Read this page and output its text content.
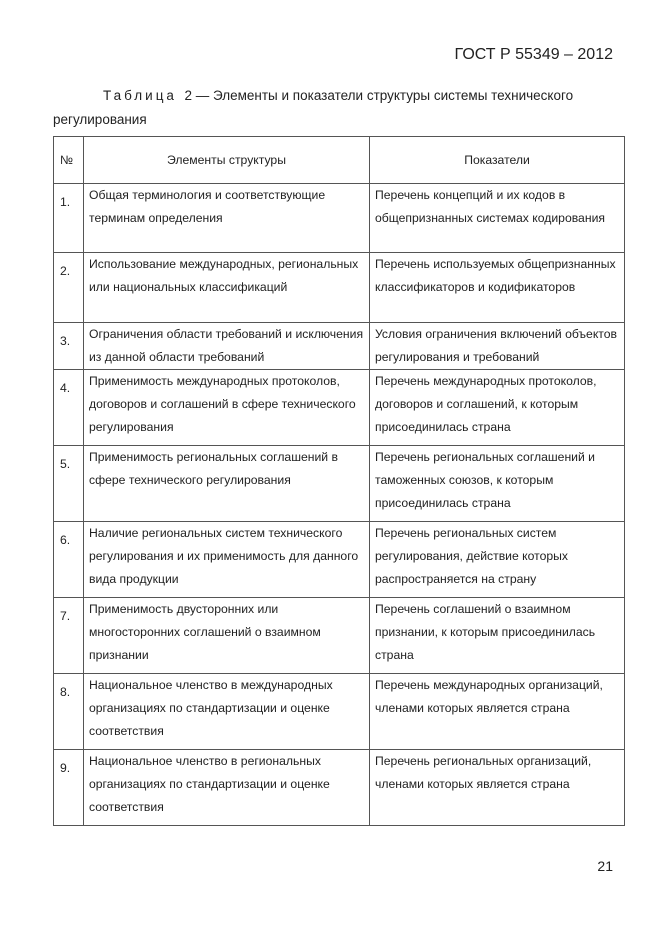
ГОСТ Р 55349 – 2012
Таблица 2 — Элементы и показатели структуры системы технического
регулирования
№	Элементы структуры	Показатели
1.	Общая терминология и соответствующие терминам определения	Перечень концепций и их кодов в общепризнанных системах кодирования
2.	Использование международных, региональных или национальных классификаций	Перечень используемых общепризнанных классификаторов и кодификаторов
3.	Ограничения области требований и исключения из данной области требований	Условия ограничения включений объектов регулирования и требований
4.	Применимость международных протоколов, договоров и соглашений в сфере технического регулирования	Перечень международных протоколов, договоров и соглашений, к которым присоединилась страна
5.	Применимость региональных соглашений в сфере технического регулирования	Перечень региональных соглашений и таможенных союзов, к которым присоединилась страна
6.	Наличие региональных систем технического регулирования и их применимость для данного вида продукции	Перечень региональных систем регулирования, действие которых распространяется на страну
7.	Применимость двусторонних или многосторонних соглашений о взаимном признании	Перечень соглашений о взаимном признании, к которым присоединилась страна
8.	Национальное членство в международных организациях по стандартизации и оценке соответствия	Перечень международных организаций, членами которых является страна
9.	Национальное членство в региональных организациях по стандартизации и оценке соответствия	Перечень региональных организаций, членами которых является страна
21
